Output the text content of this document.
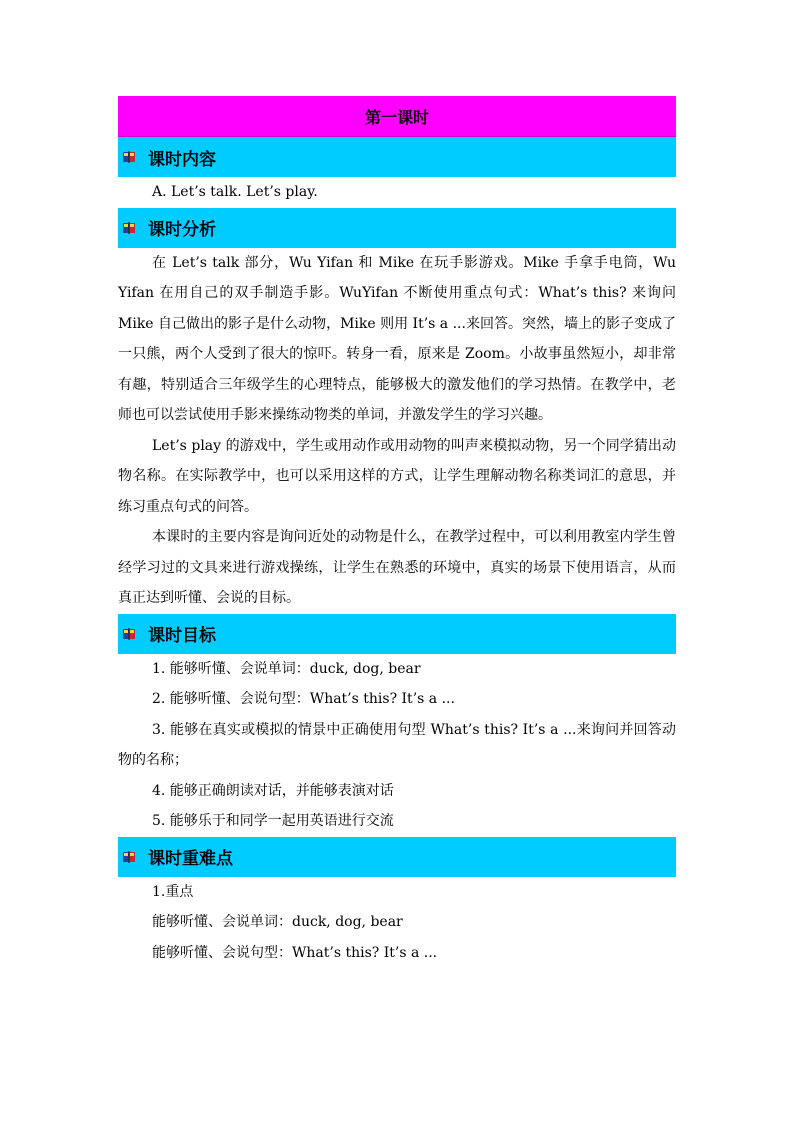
第一课时
课时内容
A. Let’s talk. Let’s play.
课时分析

在 Let’s talk 部分，Wu Yifan 和 Mike 在玩手影游戏。Mike 手拿手电筒，Wu Yifan 在用自己的双手制造手影。WuYifan 不断使用重点句式：What’s this? 来询问 Mike 自己做出的影子是什么动物，Mike 则用 It’s a ...来回答。突然，墙上的影子变成了一只熊，两个人受到了很大的惊吓。转身一看，原来是 Zoom。小故事虽然短小，却非常有趣，特别适合三年级学生的心理特点，能够极大的激发他们的学习热情。在教学中，老师也可以尝试使用手影来操练动物类的单词，并激发学生的学习兴趣。

Let’s play 的游戏中，学生或用动作或用动物的叫声来模拟动物，另一个同学猜出动物名称。在实际教学中，也可以采用这样的方式，让学生理解动物名称类词汇的意思，并练习重点句式的问答。

本课时的主要内容是询问近处的动物是什么，在教学过程中，可以利用教室内学生曾经学习过的文具来进行游戏操练，让学生在熟悉的环境中，真实的场景下使用语言，从而真正达到听懂、会说的目标。

课时目标
1. 能够听懂、会说单词：duck, dog, bear
2. 能够听懂、会说句型：What’s this? It’s a ...

3. 能够在真实或模拟的情景中正确使用句型 What’s this? It’s a ...来询问并回答动物的名称；

4. 能够正确朗读对话，并能够表演对话
5. 能够乐于和同学一起用英语进行交流
课时重难点
1.重点
能够听懂、会说单词：duck, dog, bear
能够听懂、会说句型：What’s this? It’s a ...
